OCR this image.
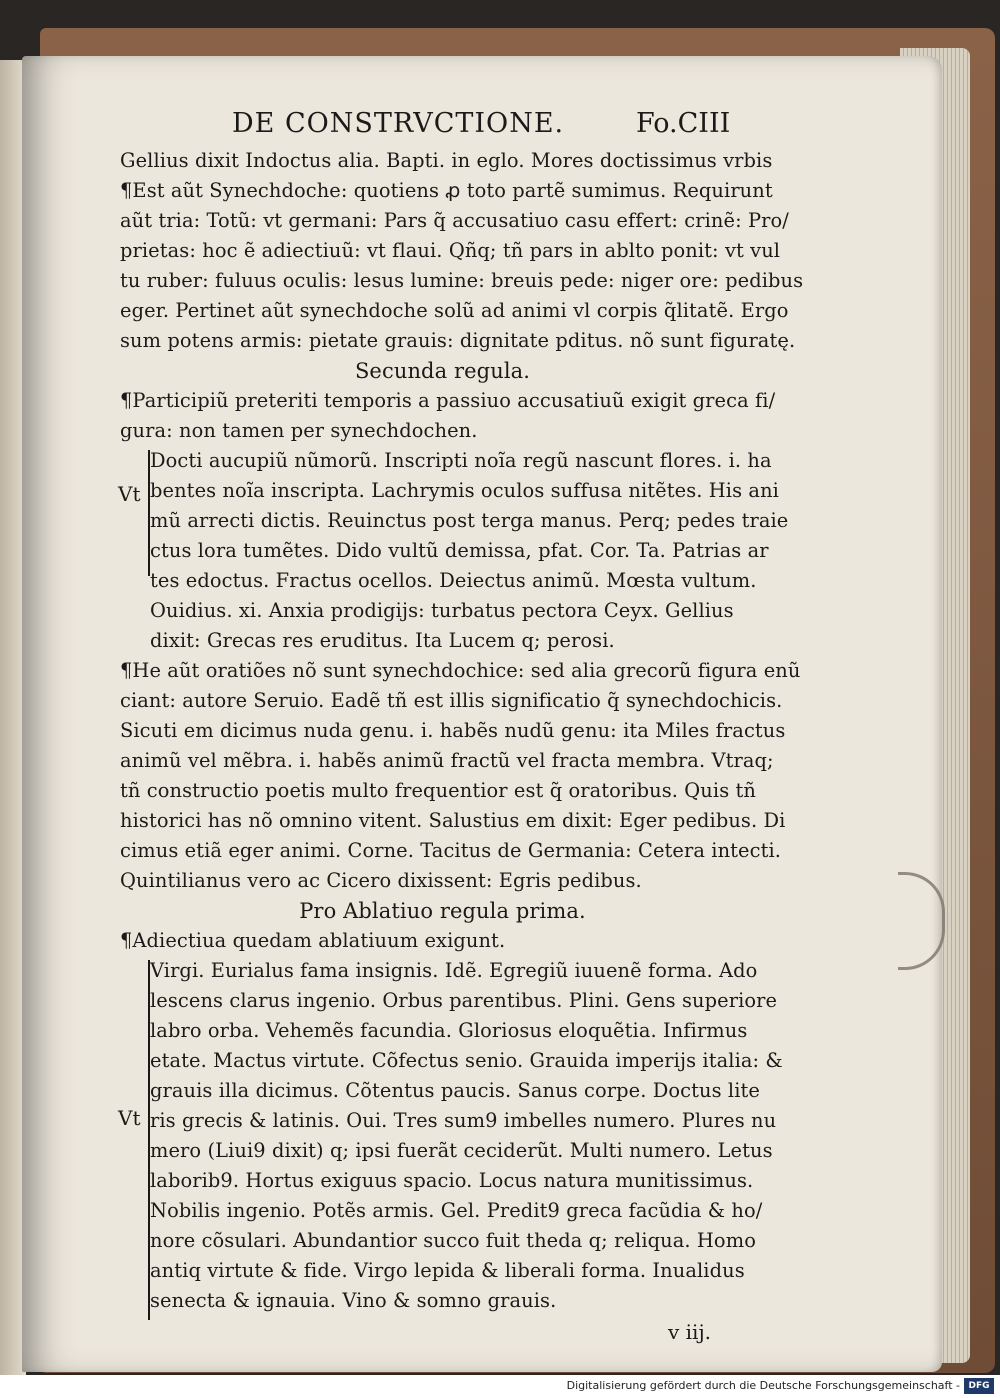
DE CONSTRVCTIONE.	Fo.CIII
Gellius dixit Indoctus alia. Bapti. in eglo. Mores doctissimus vrbis
¶Est aũt Synechdoche: quotiens ꝓ toto partẽ sumimus. Requirunt
aũt tria: Totũ: vt germani: Pars q̃ accusatiuo casu effert: crinẽ: Pro/
prietas: hoc ẽ adiectiuũ: vt flaui. Qñq; tñ pars in ablto ponit: vt vul
tu ruber: fuluus oculis: lesus lumine: breuis pede: niger ore: pedibus
eger. Pertinet aũt synechdoche solũ ad animi vl corpis q̃litatẽ. Ergo
sum potens armis: pietate grauis: dignitate pditus. nõ sunt figuratę.
Secunda regula.
¶Participiũ preteriti temporis a passiuo accusatiuũ exigit greca fi/
gura: non tamen per synechdochen.
Vt
Docti aucupiũ nũmorũ. Inscripti noĩa regũ nascunt flores. i. ha
bentes noĩa inscripta. Lachrymis oculos suffusa nitẽtes. His ani
mũ arrecti dictis. Reuinctus post terga manus. Perq; pedes traie
ctus lora tumẽtes. Dido vultũ demissa, pfat. Cor. Ta. Patrias ar
tes edoctus. Fractus ocellos. Deiectus animũ. Mœsta vultum.
Ouidius. xi. Anxia prodigijs: turbatus pectora Ceyx. Gellius
dixit: Grecas res eruditus. Ita Lucem q; perosi.
¶He aũt oratiões nõ sunt synechdochice: sed alia grecorũ figura enũ
ciant: autore Seruio. Eadẽ tñ est illis significatio q̃ synechdochicis.
Sicuti em dicimus nuda genu. i. habẽs nudũ genu: ita Miles fractus
animũ vel mẽbra. i. habẽs animũ fractũ vel fracta membra. Vtraq;
tñ constructio poetis multo frequentior est q̃ oratoribus. Quis tñ
historici has nõ omnino vitent. Salustius em dixit: Eger pedibus. Di
cimus etiã eger animi. Corne. Tacitus de Germania: Cetera intecti.
Quintilianus vero ac Cicero dixissent: Egris pedibus.
Pro Ablatiuo regula prima.
¶Adiectiua quedam ablatiuum exigunt.
Vt
Virgi. Eurialus fama insignis. Idẽ. Egregiũ iuuenẽ forma. Ado
lescens clarus ingenio. Orbus parentibus. Plini. Gens superiore
labro orba. Vehemẽs facundia. Gloriosus eloquẽtia. Infirmus
etate. Mactus virtute. Cõfectus senio. Grauida imperijs italia: &
grauis illa dicimus. Cõtentus paucis. Sanus corpe. Doctus lite
ris grecis & latinis. Oui. Tres sum9 imbelles numero. Plures nu
mero (Liui9 dixit) q; ipsi fuerãt ceciderũt. Multi numero. Letus
laborib9. Hortus exiguus spacio. Locus natura munitissimus.
Nobilis ingenio. Potẽs armis. Gel. Predit9 greca facũdia & ho/
nore cõsulari. Abundantior succo fuit theda q; reliqua. Homo
antiq virtute & fide. Virgo lepida & liberali forma. Inualidus
senecta & ignauia. Vino & somno grauis.
v iij.
Digitalisierung gefördert durch die Deutsche Forschungsgemeinschaft - DFG
